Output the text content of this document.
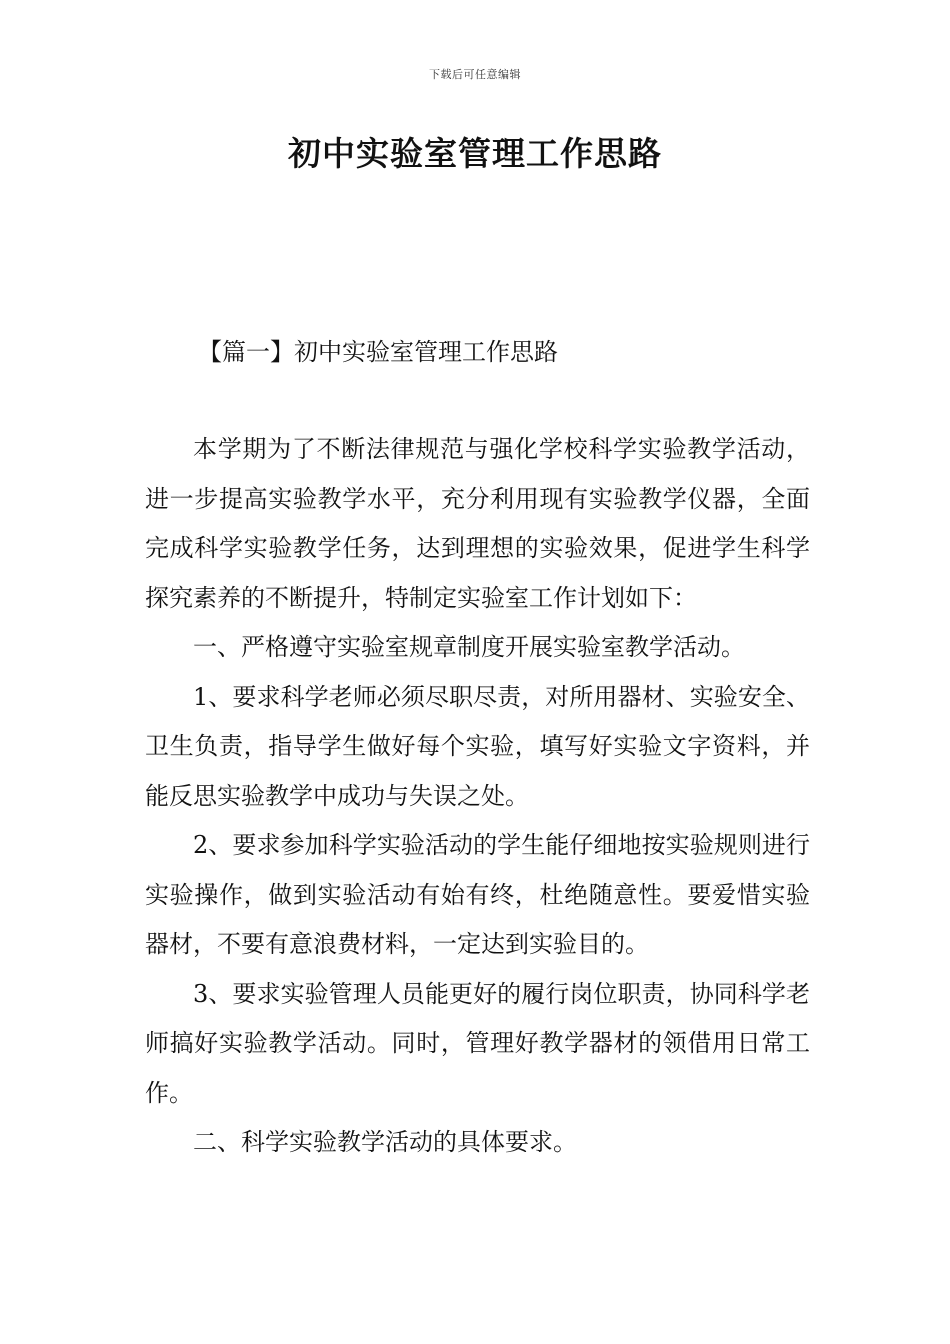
下载后可任意编辑
初中实验室管理工作思路
【篇一】初中实验室管理工作思路

本学期为了不断法律规范与强化学校科学实验教学活动，进一步提高实验教学水平，充分利用现有实验教学仪器，全面完成科学实验教学任务，达到理想的实验效果，促进学生科学探究素养的不断提升，特制定实验室工作计划如下：

一、严格遵守实验室规章制度开展实验室教学活动。

1、要求科学老师必须尽职尽责，对所用器材、实验安全、卫生负责，指导学生做好每个实验，填写好实验文字资料，并能反思实验教学中成功与失误之处。

2、要求参加科学实验活动的学生能仔细地按实验规则进行实验操作，做到实验活动有始有终，杜绝随意性。要爱惜实验器材，不要有意浪费材料，一定达到实验目的。

3、要求实验管理人员能更好的履行岗位职责，协同科学老师搞好实验教学活动。同时，管理好教学器材的领借用日常工作。

二、科学实验教学活动的具体要求。
